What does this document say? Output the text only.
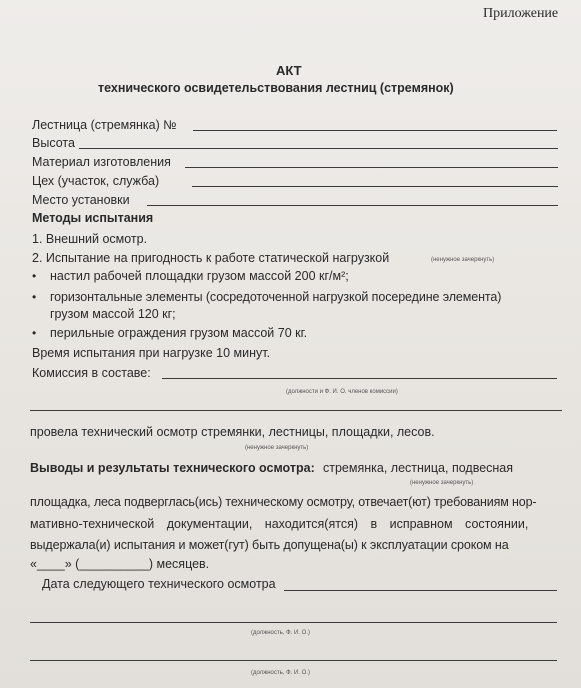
Приложение
АКТ
технического освидетельствования лестниц (стремянок)
Лестница (стремянка) №
Высота
Материал изготовления
Цех (участок, служба)
Место установки
Методы испытания
1. Внешний осмотр.
2. Испытание на пригодность к работе статической нагрузкой	(ненужное зачеркнуть)
• настил рабочей площадки грузом массой 200 кг/м²;
• горизонтальные элементы (сосредоточенной нагрузкой посередине элемента)
грузом массой 120 кг;
• перильные ограждения грузом массой 70 кг.
Время испытания при нагрузке 10 минут.
Комиссия в составе:
(должности и Ф. И. О. членов комиссии)
провела технический осмотр стремянки, лестницы, площадки, лесов.
(ненужное зачеркнуть)
Выводы и результаты технического осмотра: стремянка, лестница, подвесная
(ненужное зачеркнуть)
площадка, леса подверглась(ись) техническому осмотру, отвечает(ют) требованиям нор-
мативно-технической документации, находится(ятся) в исправном состоянии,
выдержала(и) испытания и может(гут) быть допущена(ы) к эксплуатации сроком на
«____» (__________) месяцев.
Дата следующего технического осмотра
(должность, Ф. И. О.)
(должность, Ф. И. О.)
